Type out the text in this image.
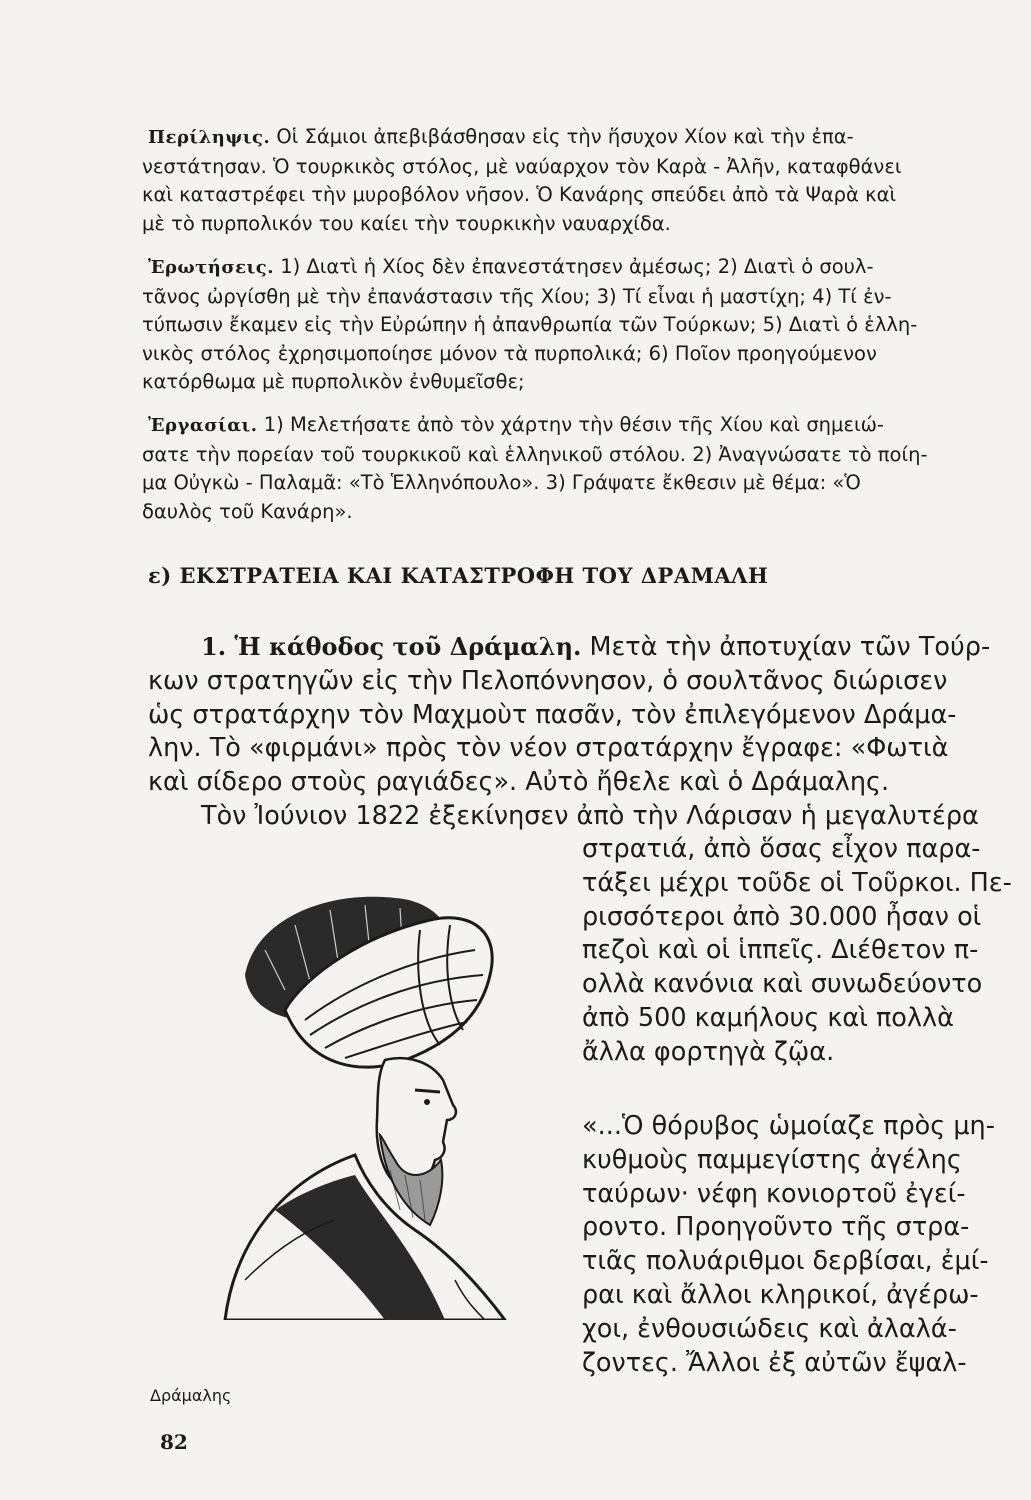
Περίληψις. Οἱ Σάμιοι ἀπεβιβάσθησαν εἰς τὴν ἥσυχον Χίον καὶ τὴν ἐπα-
νεστάτησαν. Ὁ τουρκικὸς στόλος, μὲ ναύαρχον τὸν Καρὰ - Ἀλῆν, καταφθάνει
καὶ καταστρέφει τὴν μυροβόλον νῆσον. Ὁ Κανάρης σπεύδει ἀπὸ τὰ Ψαρὰ καὶ
μὲ τὸ πυρπολικόν του καίει τὴν τουρκικὴν ναυαρχίδα.
Ἐρωτήσεις. 1) Διατὶ ἡ Χίος δὲν ἐπανεστάτησεν ἀμέσως; 2) Διατὶ ὁ σουλ-
τᾶνος ὠργίσθη μὲ τὴν ἐπανάστασιν τῆς Χίου; 3) Τί εἶναι ἡ μαστίχη; 4) Τί ἐν-
τύπωσιν ἔκαμεν εἰς τὴν Εὐρώπην ἡ ἀπανθρωπία τῶν Τούρκων; 5) Διατὶ ὁ ἑλλη-
νικὸς στόλος ἐχρησιμοποίησε μόνον τὰ πυρπολικά; 6) Ποῖον προηγούμενον
κατόρθωμα μὲ πυρπολικὸν ἐνθυμεῖσθε;
Ἐργασίαι. 1) Μελετήσατε ἀπὸ τὸν χάρτην τὴν θέσιν τῆς Χίου καὶ σημειώ-
σατε τὴν πορείαν τοῦ τουρκικοῦ καὶ ἑλληνικοῦ στόλου. 2) Ἀναγνώσατε τὸ ποίη-
μα Οὐγκὼ - Παλαμᾶ: «Τὸ Ἑλληνόπουλο». 3) Γράψατε ἔκθεσιν μὲ θέμα: «Ὁ
δαυλὸς τοῦ Κανάρη».
ε) ΕΚΣΤΡΑΤΕΙΑ ΚΑΙ ΚΑΤΑΣΤΡΟΦΗ ΤΟΥ ΔΡΑΜΑΛΗ
1. Ἡ κάθοδος τοῦ Δράμαλη. Μετὰ τὴν ἀποτυχίαν τῶν Τούρ-
κων στρατηγῶν εἰς τὴν Πελοπόννησον, ὁ σουλτᾶνος διώρισεν
ὡς στρατάρχην τὸν Μαχμοὺτ πασᾶν, τὸν ἐπιλεγόμενον Δράμα-
λην. Τὸ «φιρμάνι» πρὸς τὸν νέον στρατάρχην ἔγραφε: «Φωτιὰ
καὶ σίδερο στοὺς ραγιάδες». Αὐτὸ ἤθελε καὶ ὁ Δράμαλης.
Τὸν Ἰούνιον 1822 ἐξεκίνησεν ἀπὸ τὴν Λάρισαν ἡ μεγαλυτέρα
στρατιά, ἀπὸ ὅσας εἶχον παρα-
τάξει μέχρι τοῦδε οἱ Τοῦρκοι. Πε-
ρισσότεροι ἀπὸ 30.000 ἦσαν οἱ
πεζοὶ καὶ οἱ ἱππεῖς. Διέθετον π-
ολλὰ κανόνια καὶ συνωδεύοντο
ἀπὸ 500 καμήλους καὶ πολλὰ
ἄλλα φορτηγὰ ζῷα.
«...Ὁ θόρυβος ὡμοίαζε πρὸς μη-
κυθμοὺς παμμεγίστης ἀγέλης
ταύρων· νέφη κονιορτοῦ ἐγεί-
ροντο. Προηγοῦντο τῆς στρα-
τιᾶς πολυάριθμοι δερβίσαι, ἐμί-
ραι καὶ ἄλλοι κληρικοί, ἀγέρω-
χοι, ἐνθουσιώδεις καὶ ἀλαλά-
ζοντες. Ἄλλοι ἐξ αὐτῶν ἔψαλ-
Δράμαλης
82
